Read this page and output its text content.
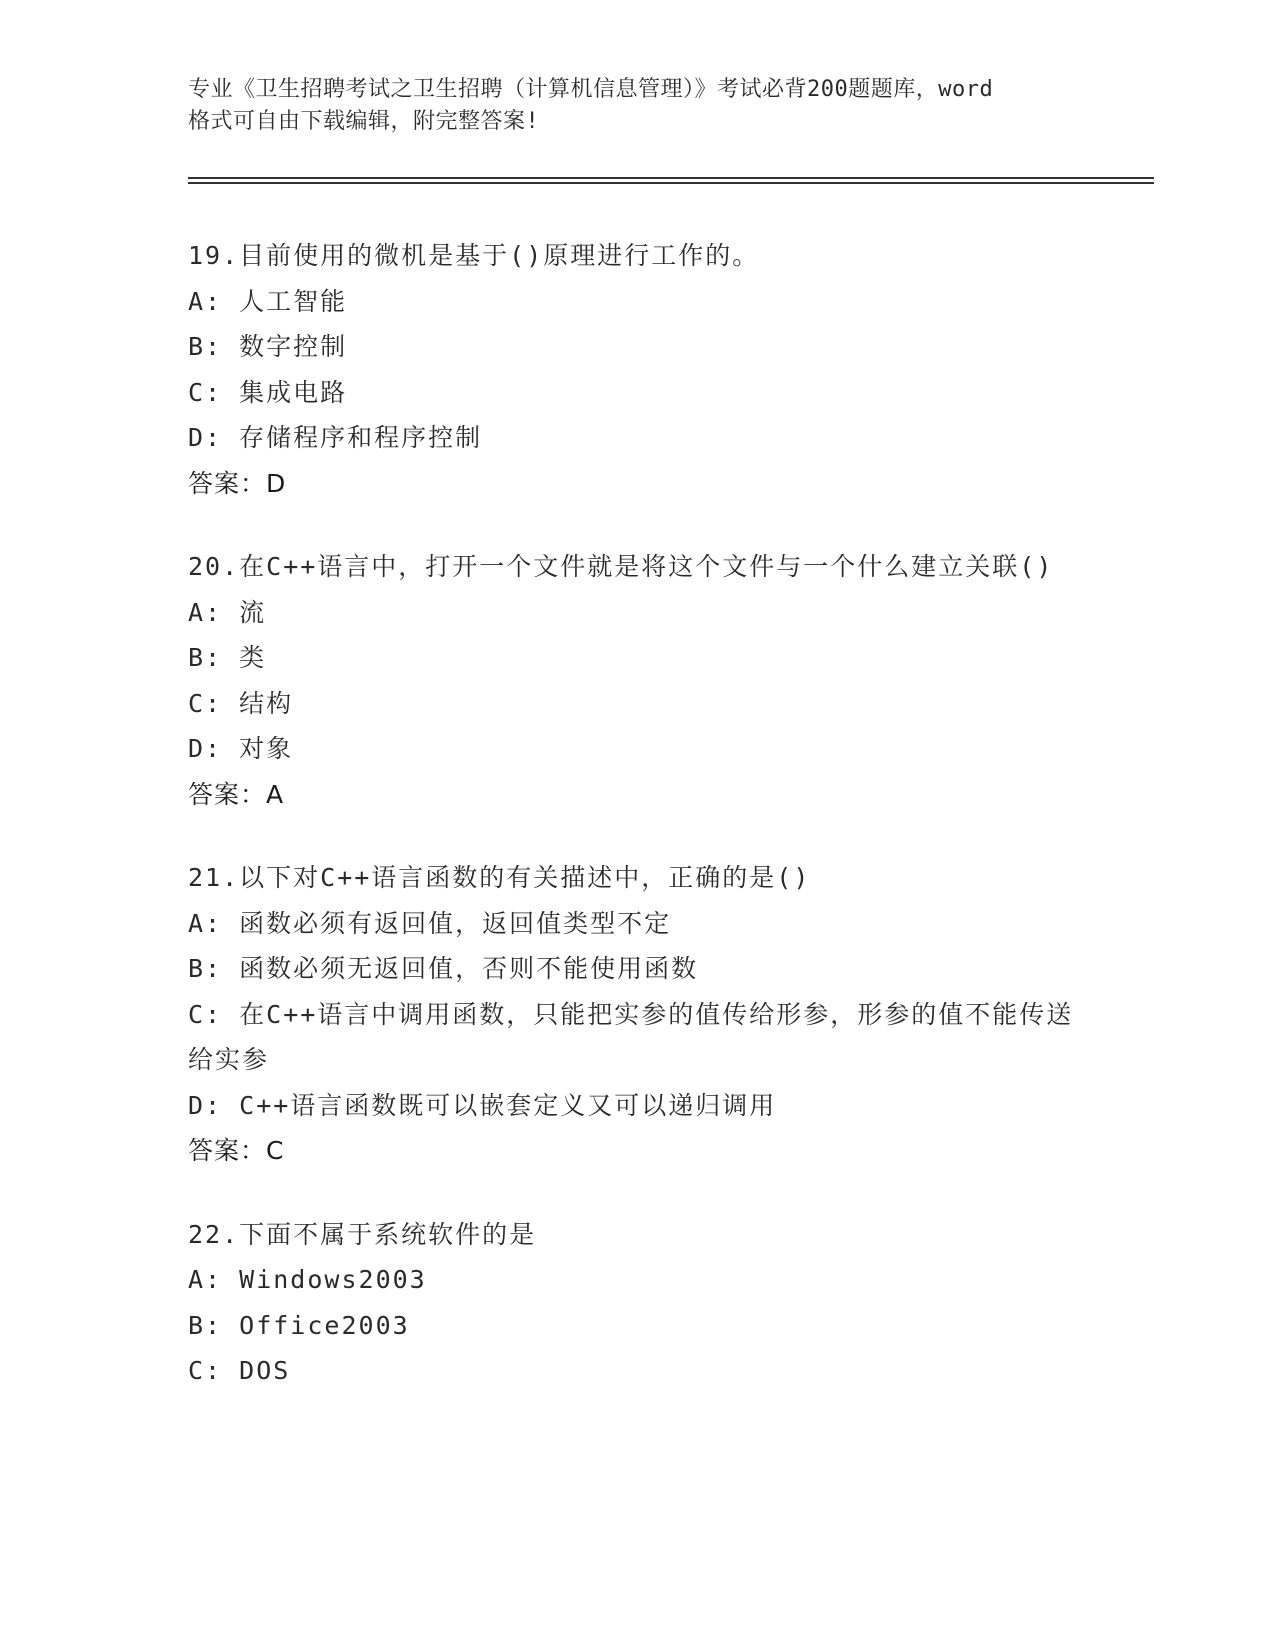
专业《卫生招聘考试之卫生招聘（计算机信息管理）》考试必背200题题库，word
格式可自由下载编辑，附完整答案!
19.目前使用的微机是基于()原理进行工作的。
A: 人工智能
B: 数字控制
C: 集成电路
D: 存储程序和程序控制
答案：D
20.在C++语言中，打开一个文件就是将这个文件与一个什么建立关联()
A: 流
B: 类
C: 结构
D: 对象
答案：A
21.以下对C++语言函数的有关描述中，正确的是()
A: 函数必须有返回值，返回值类型不定
B: 函数必须无返回值，否则不能使用函数
C: 在C++语言中调用函数，只能把实参的值传给形参，形参的值不能传送给实参
D: C++语言函数既可以嵌套定义又可以递归调用
答案：C
22.下面不属于系统软件的是
A: Windows2003
B: Office2003
C: DOS
